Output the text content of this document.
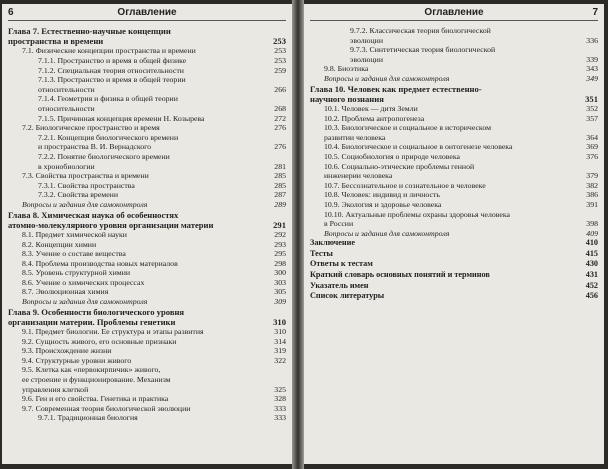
Оглавление
6
Глава 7. Естественно-научные концепции
пространства и времени	253
7.1. Физические концепции пространства и времени	253
7.1.1. Пространство и время в общей физике	253
7.1.2. Специальная теория относительности	259
7.1.3. Пространство и время в общей теории
относительности	266
7.1.4. Геометрия и физика в общей теории
относительности	268
7.1.5. Причинная концепция времени Н. Козырева	272
7.2. Биологическое пространство и время	276
7.2.1. Концепция биологического времени
и пространства В. И. Вернадского	276
7.2.2. Понятие биологического времени
в хронобиологии	281
7.3. Свойства пространства и времени	285
7.3.1. Свойства пространства	285
7.3.2. Свойства времени	287
Вопросы и задания для самоконтроля	289
Глава 8. Химическая наука об особенностях
атомно-молекулярного уровня организации материи	291
8.1. Предмет химической науки	292
8.2. Концепции химии	293
8.3. Учение о составе вещества	295
8.4. Проблема производства новых материалов	298
8.5. Уровень структурной химии	300
8.6. Учение о химических процессах	303
8.7. Эволюционная химия	305
Вопросы и задания для самоконтроля	309
Глава 9. Особенности биологического уровня
организации материи. Проблемы генетики	310
9.1. Предмет биологии. Ее структура и этапы развития	310
9.2. Сущность живого, его основные признаки	314
9.3. Происхождение жизни	319
9.4. Структурные уровни живого	322
9.5. Клетка как «первокирпичик» живого,
ее строение и функционирование. Механизм
управления клеткой	325
9.6. Ген и его свойства. Генетика и практика	328
9.7. Современная теория биологической эволюции	333
9.7.1. Традиционная биология	333
Оглавление	7
9.7.2. Классическая теория биологической
эволюции	336
9.7.3. Синтетическая теория биологической
эволюции	339
9.8. Биоэтика	343
Вопросы и задания для самоконтроля	349
Глава 10. Человек как предмет естественно-
научного познания	351
10.1. Человек — дитя Земли	352
10.2. Проблема антропогенеза	357
10.3. Биологическое и социальное в историческом
развитии человека	364
10.4. Биологическое и социальное в онтогенезе человека	369
10.5. Социобиология о природе человека	376
10.6. Социально-этические проблемы генной
инженерии человека	379
10.7. Бессознательное и сознательное в человеке	382
10.8. Человек: индивид и личность	386
10.9. Экология и здоровье человека	391
10.10. Актуальные проблемы охраны здоровья человека
в России	398
Вопросы и задания для самоконтроля	409
Заключение	410
Тесты	415
Ответы к тестам	430
Краткий словарь основных понятий и терминов	431
Указатель имен	452
Список литературы	456
